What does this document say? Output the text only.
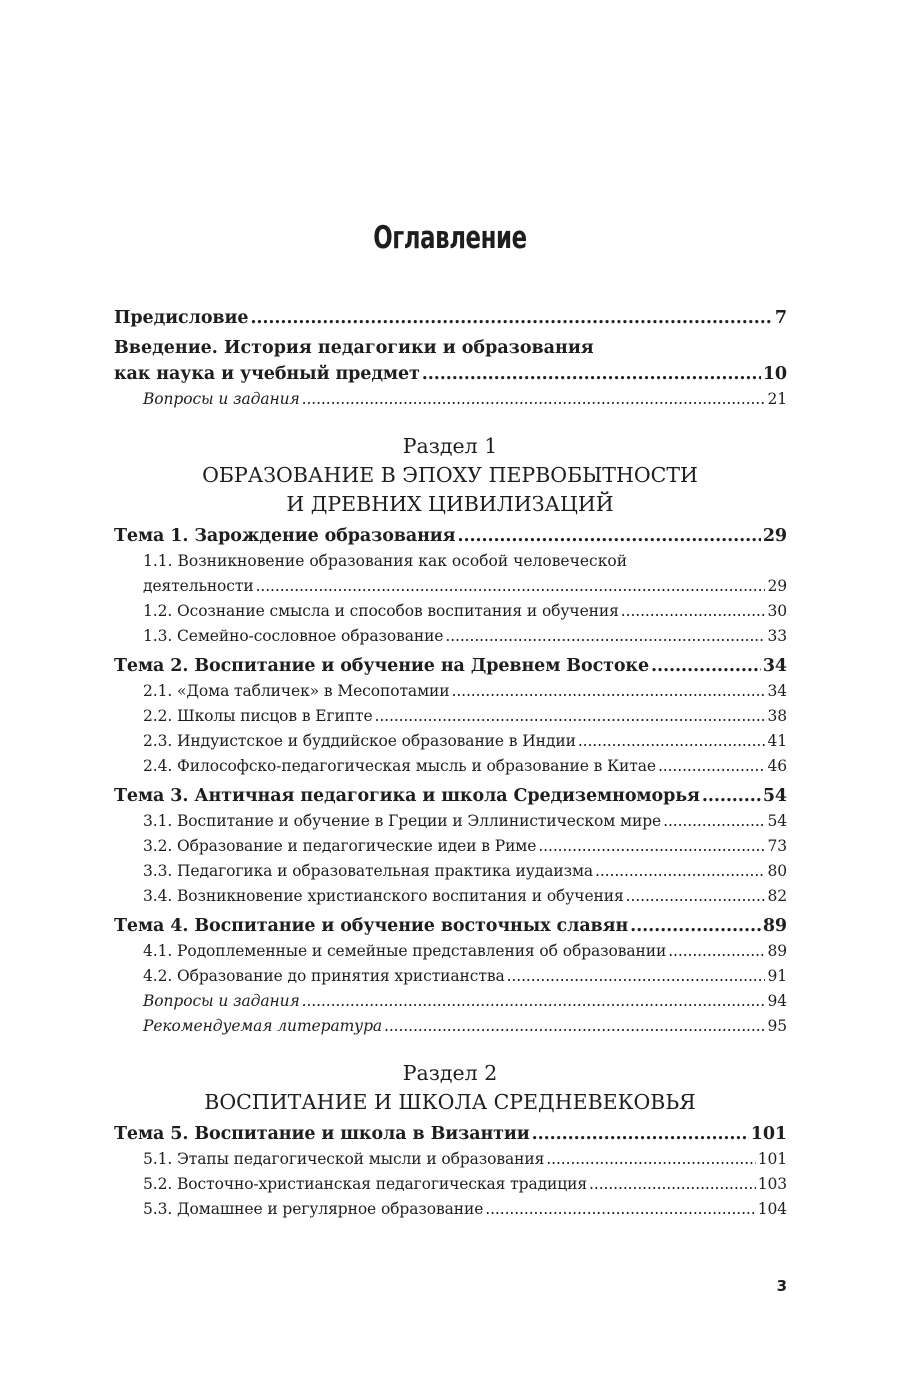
Оглавление
Предисловие .....	7
Введение. История педагогики и образования
как наука и учебный предмет .....	10
Вопросы и задания .....	21
Раздел 1
ОБРАЗОВАНИЕ В ЭПОХУ ПЕРВОБЫТНОСТИ
И ДРЕВНИХ ЦИВИЛИЗАЦИЙ
Тема 1. Зарождение образования .....	29
1.1. Возникновение образования как особой человеческой
деятельности .....	29
1.2. Осознание смысла и способов воспитания и обучения .....	30
1.3. Семейно-сословное образование .....	33
Тема 2. Воспитание и обучение на Древнем Востоке .....	34
2.1. «Дома табличек» в Месопотамии .....	34
2.2. Школы писцов в Египте .....	38
2.3. Индуистское и буддийское образование в Индии .....	41
2.4. Философско-педагогическая мысль и образование в Китае .....	46
Тема 3. Античная педагогика и школа Средиземноморья .....	54
3.1. Воспитание и обучение в Греции и Эллинистическом мире .....	54
3.2. Образование и педагогические идеи в Риме .....	73
3.3. Педагогика и образовательная практика иудаизма .....	80
3.4. Возникновение христианского воспитания и обучения .....	82
Тема 4. Воспитание и обучение восточных славян .....	89
4.1. Родоплеменные и семейные представления об образовании .....	89
4.2. Образование до принятия христианства .....	91
Вопросы и задания .....	94
Рекомендуемая литература .....	95
Раздел 2
ВОСПИТАНИЕ И ШКОЛА СРЕДНЕВЕКОВЬЯ
Тема 5. Воспитание и школа в Византии .....	101
5.1. Этапы педагогической мысли и образования .....	101
5.2. Восточно-христианская педагогическая традиция .....	103
5.3. Домашнее и регулярное образование .....	104
3
